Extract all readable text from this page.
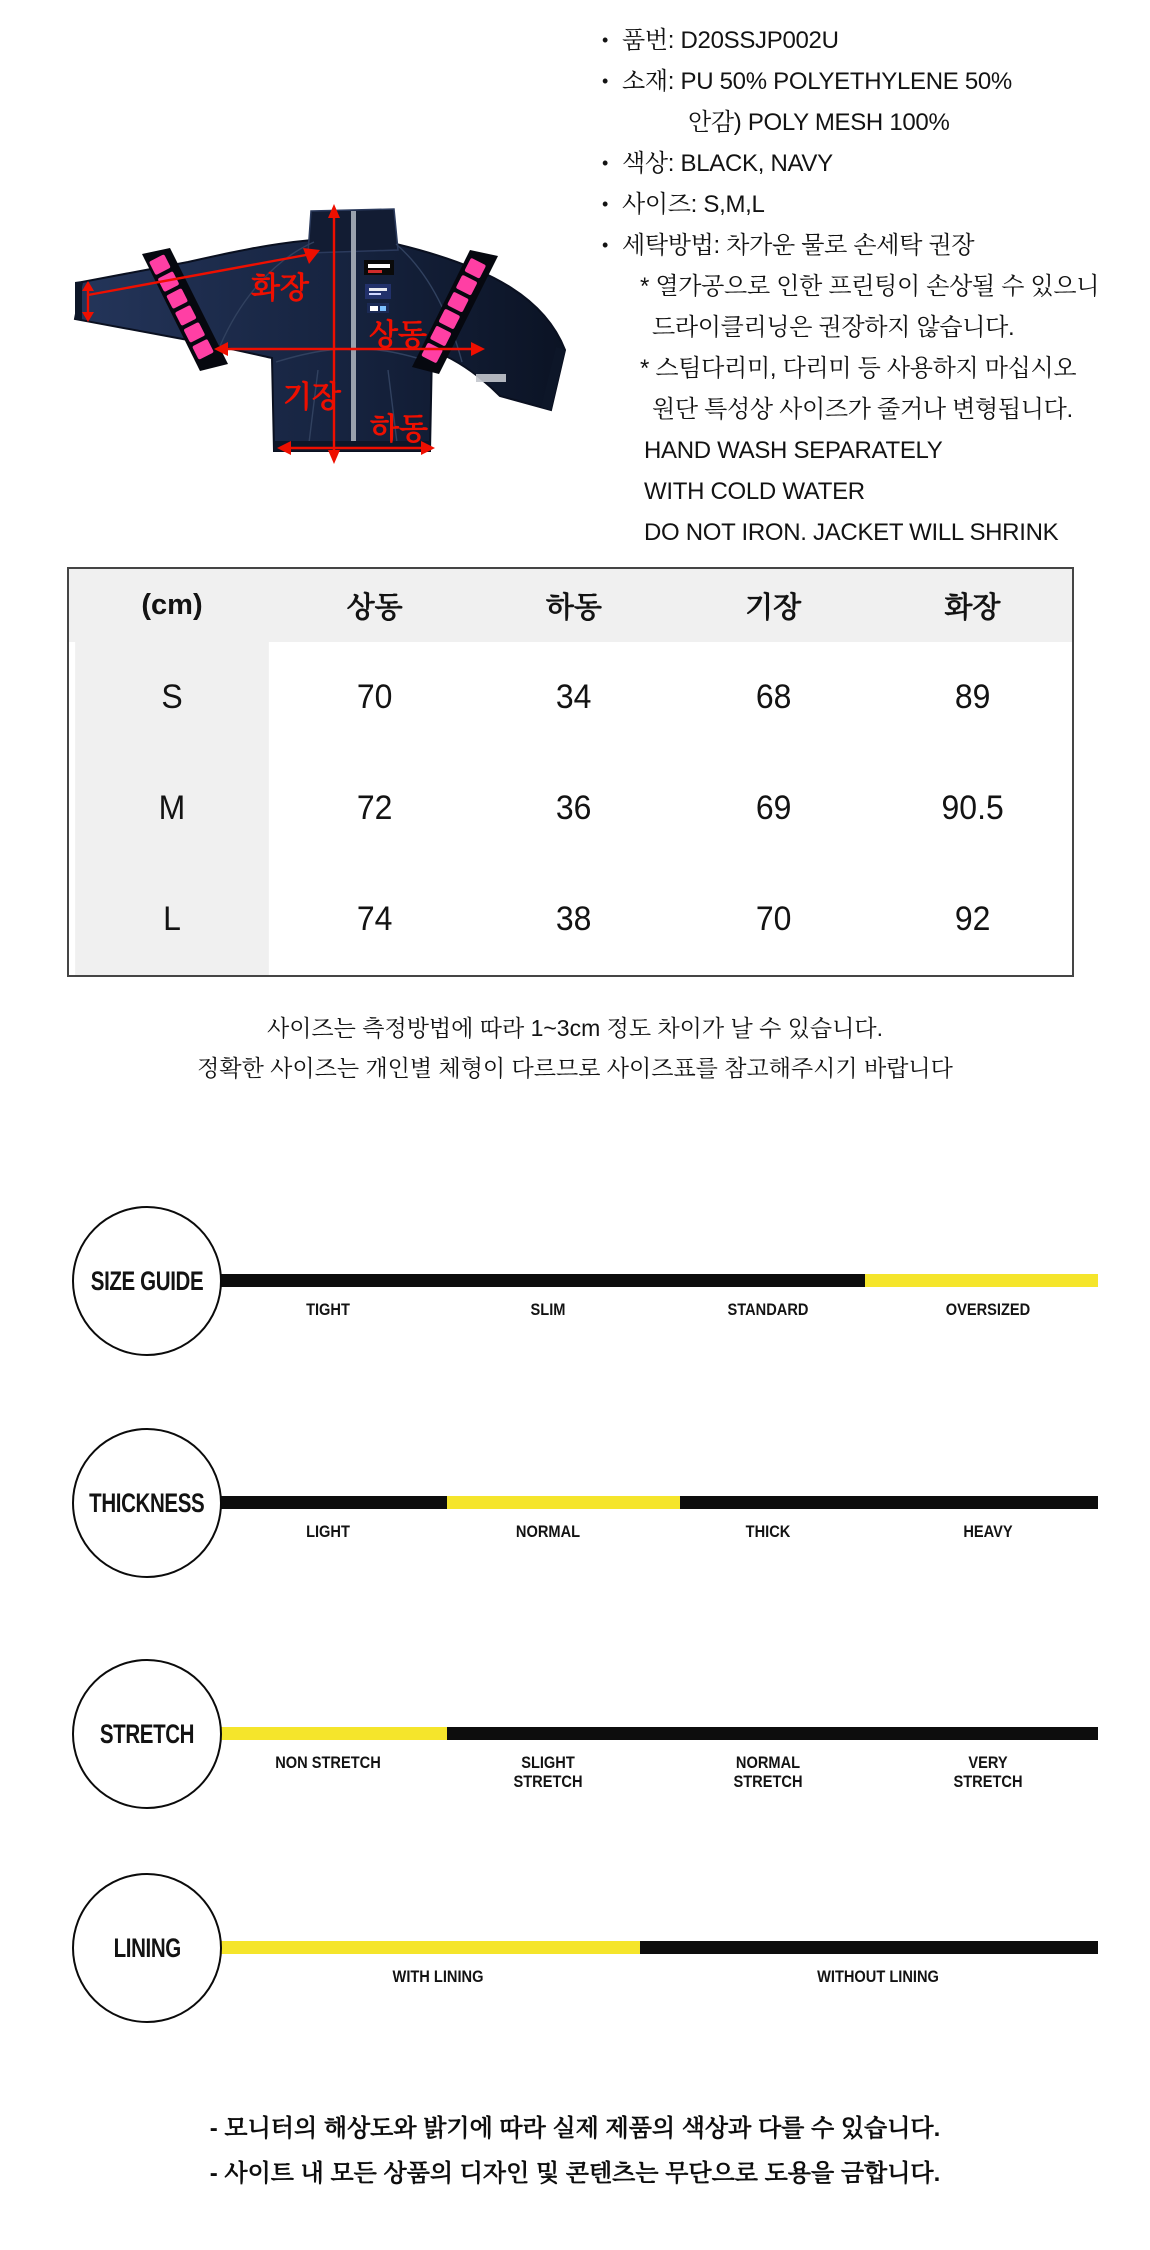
화장
상동
기장
하동
• 품번: D20SSJP002U
• 소재: PU 50% POLYETHYLENE 50%
안감) POLY MESH 100%
• 색상: BLACK, NAVY
• 사이즈: S,M,L
• 세탁방법: 차가운 물로 손세탁 권장
* 열가공으로 인한 프린팅이 손상될 수 있으니
드라이클리닝은 권장하지 않습니다.
* 스팀다리미, 다리미 등 사용하지 마십시오
원단 특성상 사이즈가 줄거나 변형됩니다.
HAND WASH SEPARATELY
WITH COLD WATER
DO NOT IRON. JACKET WILL SHRINK
(cm)	상동	하동	기장	화장
S	70	34	68	89
M	72	36	69	90.5
L	74	38	70	92
사이즈는 측정방법에 따라 1~3cm 정도 차이가 날 수 있습니다.
정확한 사이즈는 개인별 체형이 다르므로 사이즈표를 참고해주시기 바랍니다
SIZE GUIDE
TIGHT	SLIM	STANDARD	OVERSIZED
THICKNESS
LIGHT	NORMAL	THICK	HEAVY
STRETCH
NON STRETCH	SLIGHT
STRETCH
NORMAL
STRETCH
VERY
STRETCH
LINING
WITH LINING	WITHOUT LINING
- 모니터의 해상도와 밝기에 따라 실제 제품의 색상과 다를 수 있습니다.
- 사이트 내 모든 상품의 디자인 및 콘텐츠는 무단으로 도용을 금합니다.
